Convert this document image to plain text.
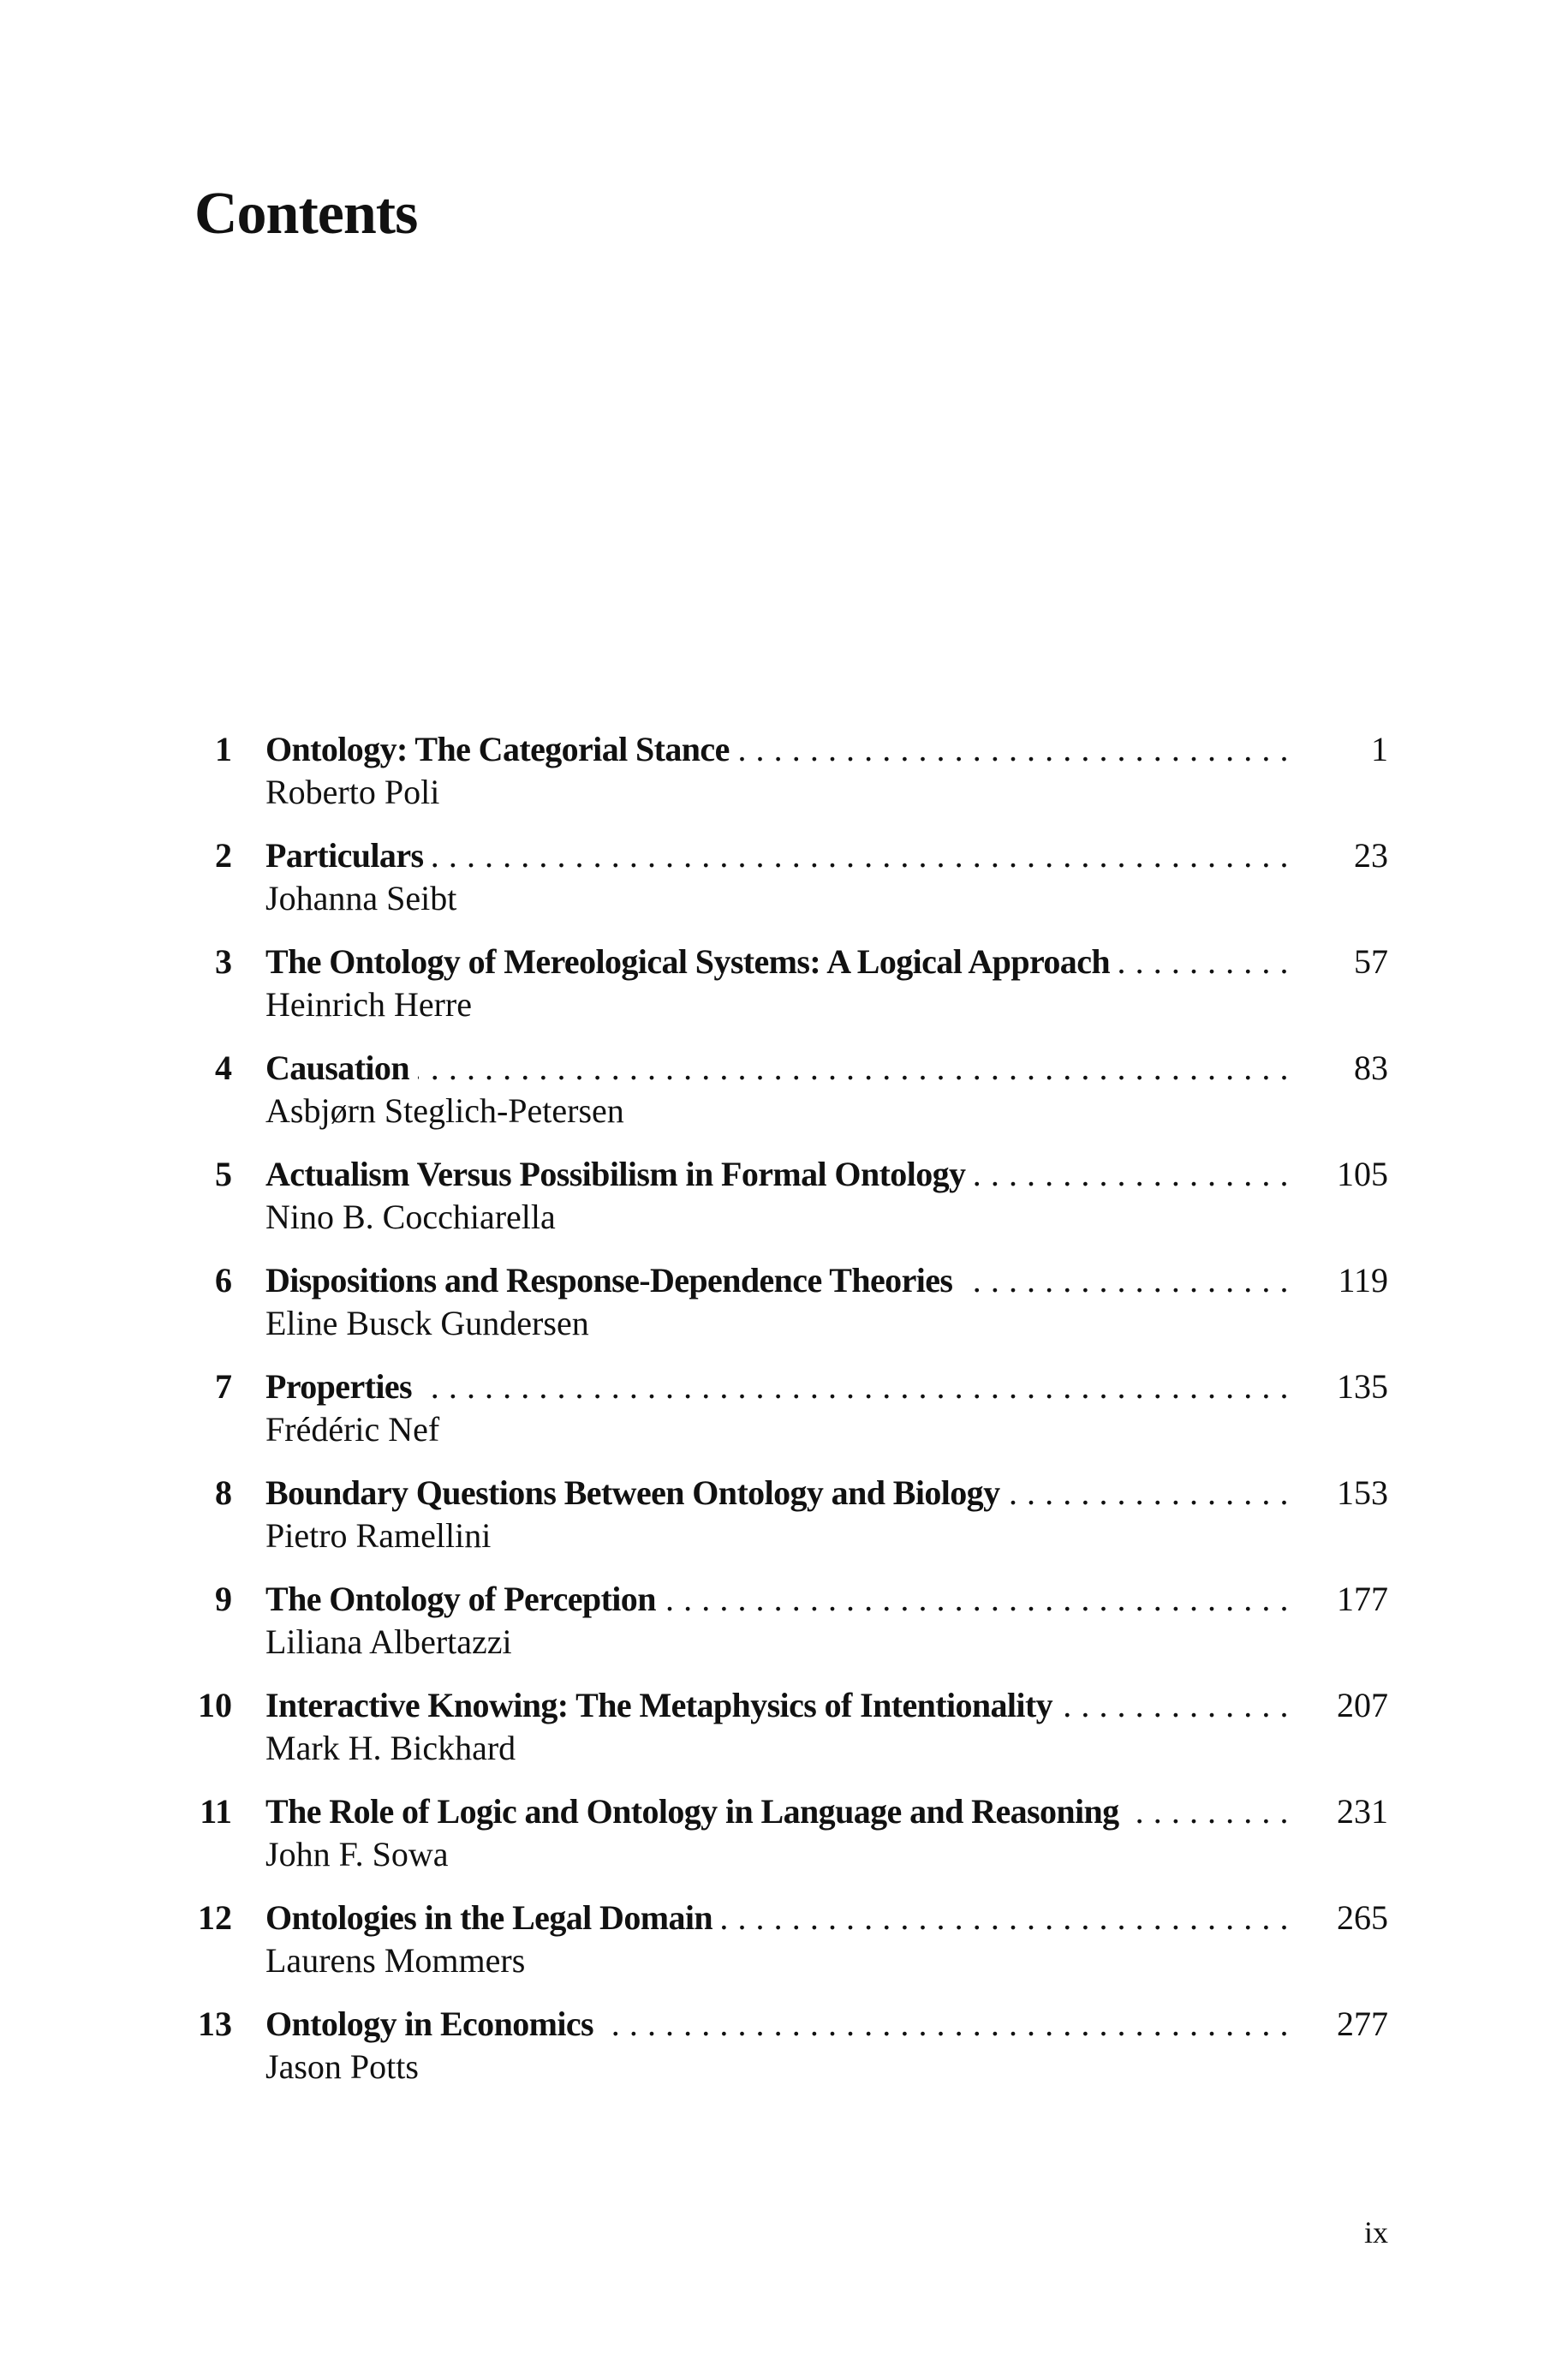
Contents
1 Ontology: The Categorial Stance . . .	1
Roberto Poli
2 Particulars . . .	23
Johanna Seibt
3 The Ontology of Mereological Systems: A Logical Approach . . .	57
Heinrich Herre
4 Causation . . .	83
Asbjørn Steglich-Petersen
5 Actualism Versus Possibilism in Formal Ontology . . .	105
Nino B. Cocchiarella
6 Dispositions and Response-Dependence Theories . . .	119
Eline Busck Gundersen
7 Properties . . .	135
Frédéric Nef
8 Boundary Questions Between Ontology and Biology . . .	153
Pietro Ramellini
9 The Ontology of Perception . . .	177
Liliana Albertazzi
10 Interactive Knowing: The Metaphysics of Intentionality . . .	207
Mark H. Bickhard
11 The Role of Logic and Ontology in Language and Reasoning . . .	231
John F. Sowa
12 Ontologies in the Legal Domain . . .	265
Laurens Mommers
13 Ontology in Economics . . .	277
Jason Potts
ix
